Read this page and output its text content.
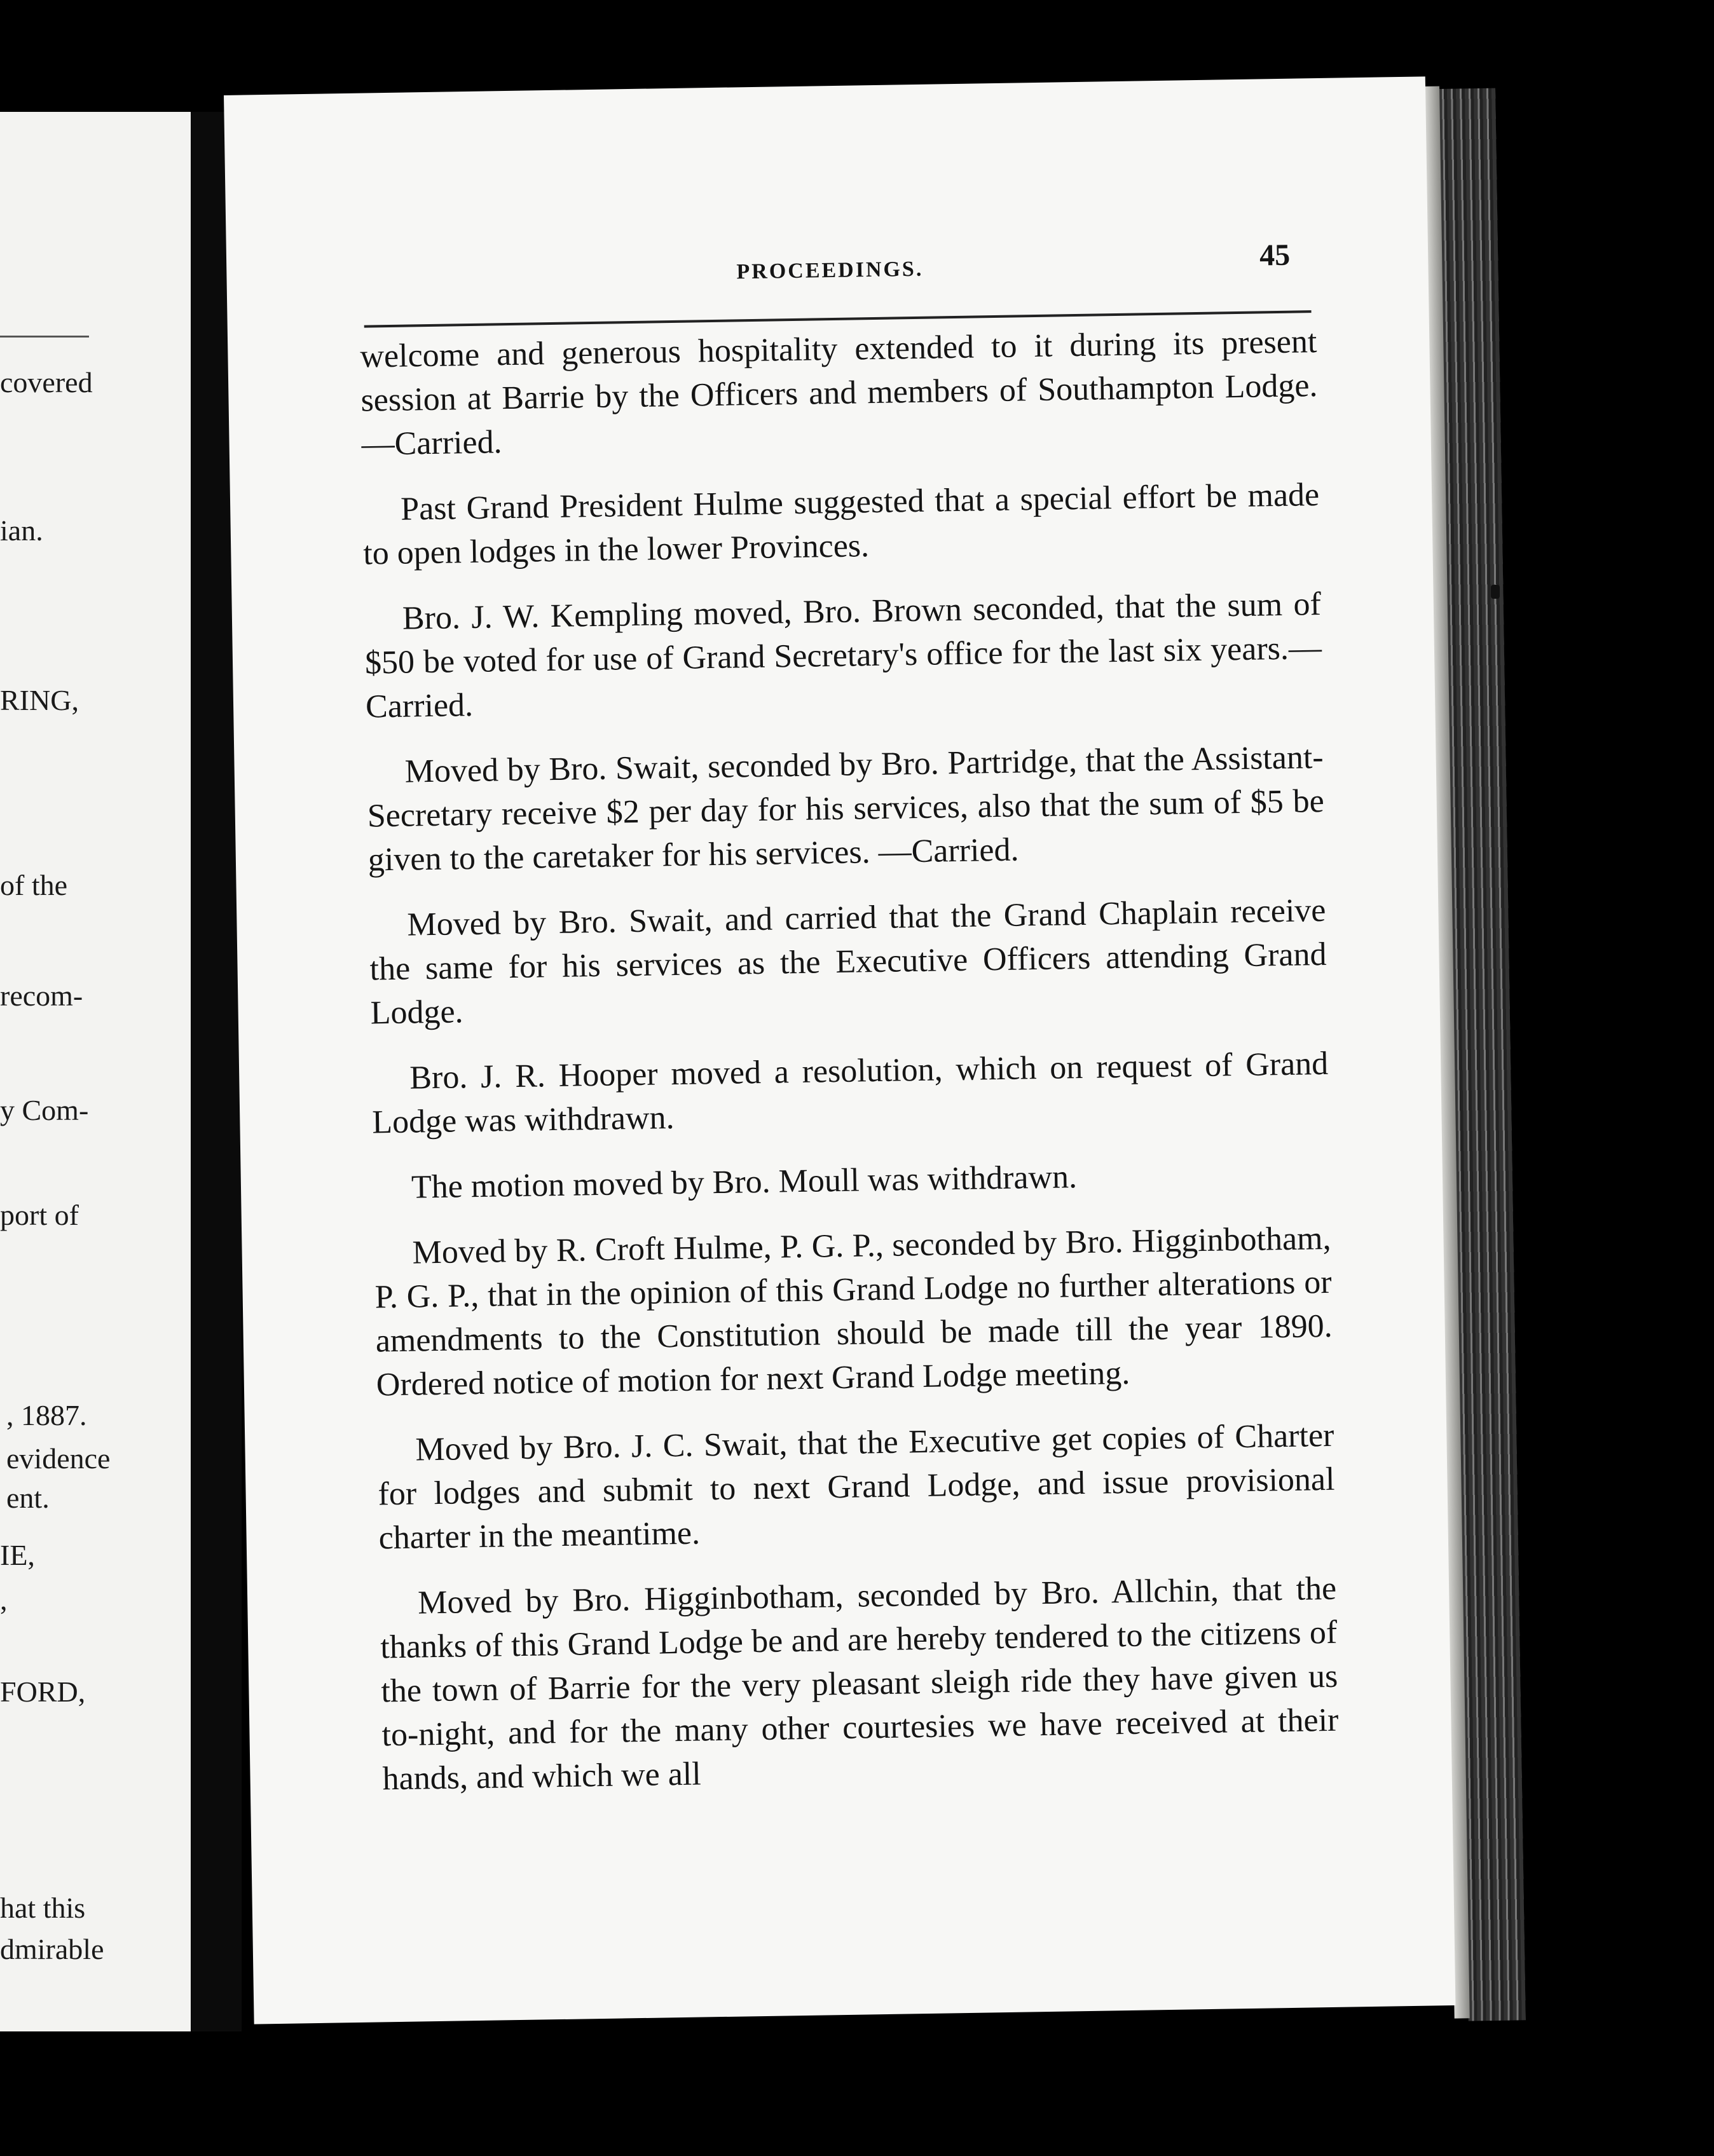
covered
ian.
RING,
of the
recom-
y Com-
port of
, 1887.
evidence
ent.
IE,
,
FORD,
hat this
dmirable
PROCEEDINGS.	45

welcome and generous hospitality extended to it during its present session at Barrie by the Officers and members of Southampton Lodge.—Carried.

Past Grand President Hulme suggested that a special effort be made to open lodges in the lower Provinces.

Bro. J. W. Kempling moved, Bro. Brown seconded, that the sum of $50 be voted for use of Grand Secretary's office for the last six years.—Carried.

Moved by Bro. Swait, seconded by Bro. Partridge, that the Assistant-Secretary receive $2 per day for his services, also that the sum of $5 be given to the caretaker for his services. —Carried.

Moved by Bro. Swait, and carried that the Grand Chaplain receive the same for his services as the Executive Officers attending Grand Lodge.

Bro. J. R. Hooper moved a resolution, which on request of Grand Lodge was withdrawn.

The motion moved by Bro. Moull was withdrawn.

Moved by R. Croft Hulme, P. G. P., seconded by Bro. Higginbotham, P. G. P., that in the opinion of this Grand Lodge no further alterations or amendments to the Constitution should be made till the year 1890. Ordered notice of motion for next Grand Lodge meeting.

Moved by Bro. J. C. Swait, that the Executive get copies of Charter for lodges and submit to next Grand Lodge, and issue provisional charter in the meantime.

Moved by Bro. Higginbotham, seconded by Bro. Allchin, that the thanks of this Grand Lodge be and are hereby tendered to the citizens of the town of Barrie for the very pleasant sleigh ride they have given us to-night, and for the many other courtesies we have received at their hands, and which we all
